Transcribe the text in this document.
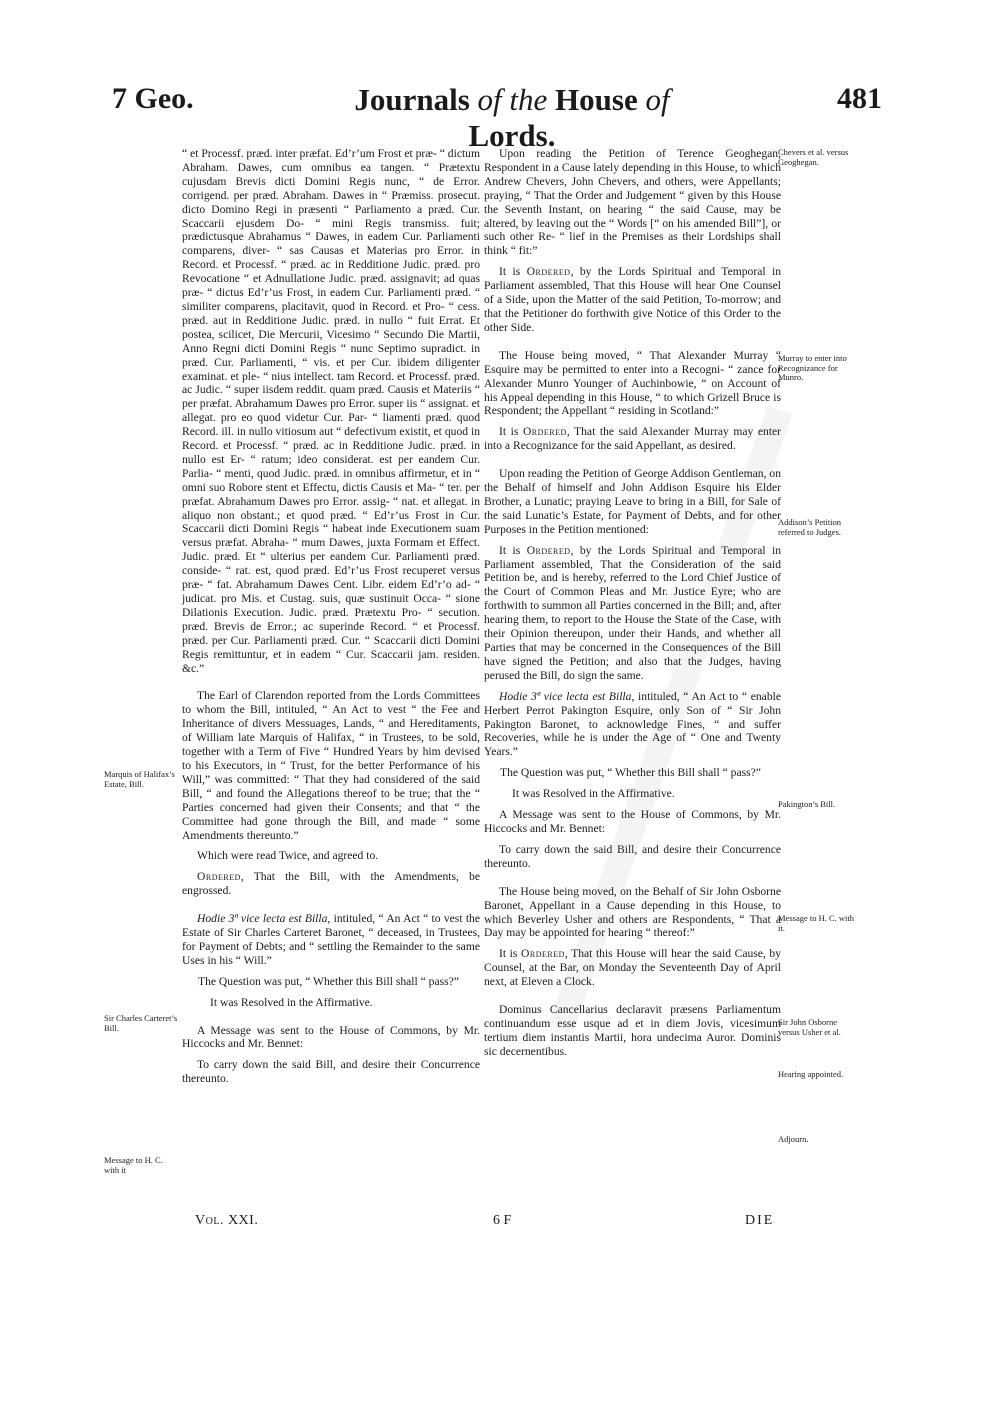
7 Geo.	Journals of the House of Lords.
481

“ et Processf. præd. inter præfat. Ed’r’um Frost et præ- “ dictum Abraham. Dawes, cum omnibus ea tangen. “ Prætextu cujusdam Brevis dicti Domini Regis nunc, “ de Error. corrigend. per præd. Abraham. Dawes in “ Præmiss. prosecut. dicto Domino Regi in præsenti “ Parliamento a præd. Cur. Scaccarii ejusdem Do- “ mini Regis transmiss. fuit; prædictusque Abrahamus “ Dawes, in eadem Cur. Parliamenti comparens, diver- “ sas Causas et Materias pro Error. in Record. et Processf. “ præd. ac in Redditione Judic. præd. pro Revocatione “ et Adnullatione Judic. præd. assignavit; ad quas præ- “ dictus Ed’r’us Frost, in eadem Cur. Parliamenti præd. “ similiter comparens, placitavit, quod in Record. et Pro- “ cess. præd. aut in Redditione Judic. præd. in nullo “ fuit Errat. Et postea, scilicet, Die Mercurii, Vicesimo “ Secundo Die Martii, Anno Regni dicti Domini Regis “ nunc Septimo supradict. in præd. Cur. Parliamenti, “ vis. et per Cur. ibidem diligenter examinat. et ple- “ nius intellect. tam Record. et Processf. præd. ac Judic. “ super iisdem reddit. quam præd. Causis et Materiis “ per præfat. Abrahamum Dawes pro Error. super iis “ assignat. et allegat. pro eo quod videtur Cur. Par- “ liamenti præd. quod Record. ill. in nullo vitiosum aut “ defectivum existit, et quod in Record. et Processf. “ præd. ac in Redditione Judic. præd. in nullo est Er- “ ratum; ideo considerat. est per eandem Cur. Parlia- “ menti, quod Judic. præd. in omnibus affirmetur, et in “ omni suo Robore stent et Effectu, dictis Causis et Ma- “ ter. per præfat. Abrahamum Dawes pro Error. assig- “ nat. et allegat. in aliquo non obstant.; et quod præd. “ Ed’r’us Frost in Cur. Scaccarii dicti Domini Regis “ habeat inde Executionem suam versus præfat. Abraha- “ mum Dawes, juxta Formam et Effect. Judic. præd. Et “ ulterius per eandem Cur. Parliamenti præd. conside- “ rat. est, quod præd. Ed’r’us Frost recuperet versus præ- “ fat. Abrahamum Dawes Cent. Libr. eidem Ed’r’o ad- “ judicat. pro Mis. et Custag. suis, quæ sustinuit Occa- “ sione Dilationis Execution. Judic. præd. Prætextu Pro- “ secution. præd. Brevis de Error.; ac superinde Record. “ et Processf. præd. per Cur. Parliamenti præd. Cur. “ Scaccarii dicti Domini Regis remittuntur, et in eadem “ Cur. Scaccarii jam. residen. &c.”

The Earl of Clarendon reported from the Lords Committees to whom the Bill, intituled, “ An Act to vest “ the Fee and Inheritance of divers Messuages, Lands, “ and Hereditaments, of William late Marquis of Halifax, “ in Trustees, to be sold, together with a Term of Five “ Hundred Years by him devised to his Executors, in “ Trust, for the better Performance of his Will,” was committed: “ That they had considered of the said Bill, “ and found the Allegations thereof to be true; that the “ Parties concerned had given their Consents; and that “ the Committee had gone through the Bill, and made “ some Amendments thereunto.”

Which were read Twice, and agreed to.

Ordered, That the Bill, with the Amendments, be engrossed.

Hodie 3ª vice lecta est Billa, intituled, “ An Act “ to vest the Estate of Sir Charles Carteret Baronet, “ deceased, in Trustees, for Payment of Debts; and “ settling the Remainder to the same Uses in his “ Will.”

The Question was put, “ Whether this Bill shall “ pass?”

It was Resolved in the Affirmative.

A Message was sent to the House of Commons, by Mr. Hiccocks and Mr. Bennet:

To carry down the said Bill, and desire their Concurrence thereunto.

Upon reading the Petition of Terence Geoghegan, Respondent in a Cause lately depending in this House, to which Andrew Chevers, John Chevers, and others, were Appellants; praying, “ That the Order and Judgement “ given by this House the Seventh Instant, on hearing “ the said Cause, may be altered, by leaving out the “ Words [“ on his amended Bill”], or such other Re- “ lief in the Premises as their Lordships shall think “ fit:”

It is Ordered, by the Lords Spiritual and Temporal in Parliament assembled, That this House will hear One Counsel of a Side, upon the Matter of the said Petition, To-morrow; and that the Petitioner do forthwith give Notice of this Order to the other Side.

The House being moved, “ That Alexander Murray “ Esquire may be permitted to enter into a Recogni- “ zance for Alexander Munro Younger of Auchinbowie, “ on Account of his Appeal depending in this House, “ to which Grizell Bruce is Respondent; the Appellant “ residing in Scotland:”

It is Ordered, That the said Alexander Murray may enter into a Recognizance for the said Appellant, as desired.

Upon reading the Petition of George Addison Gentleman, on the Behalf of himself and John Addison Esquire his Elder Brother, a Lunatic; praying Leave to bring in a Bill, for Sale of the said Lunatic’s Estate, for Payment of Debts, and for other Purposes in the Petition mentioned:

It is Ordered, by the Lords Spiritual and Temporal in Parliament assembled, That the Consideration of the said Petition be, and is hereby, referred to the Lord Chief Justice of the Court of Common Pleas and Mr. Justice Eyre; who are forthwith to summon all Parties concerned in the Bill; and, after hearing them, to report to the House the State of the Case, with their Opinion thereupon, under their Hands, and whether all Parties that may be concerned in the Consequences of the Bill have signed the Petition; and also that the Judges, having perused the Bill, do sign the same.

Hodie 3ª vice lecta est Billa, intituled, “ An Act to “ enable Herbert Perrot Pakington Esquire, only Son of “ Sir John Pakington Baronet, to acknowledge Fines, “ and suffer Recoveries, while he is under the Age of “ One and Twenty Years.”

The Question was put, “ Whether this Bill shall “ pass?”

It was Resolved in the Affirmative.

A Message was sent to the House of Commons, by Mr. Hiccocks and Mr. Bennet:

To carry down the said Bill, and desire their Concurrence thereunto.

The House being moved, on the Behalf of Sir John Osborne Baronet, Appellant in a Cause depending in this House, to which Beverley Usher and others are Respondents, “ That a Day may be appointed for hearing “ thereof:”

It is Ordered, That this House will hear the said Cause, by Counsel, at the Bar, on Monday the Seventeenth Day of April next, at Eleven a Clock.

Dominus Cancellarius declaravit præsens Parliamentum continuandum esse usque ad et in diem Jovis, vicesimum tertium diem instantis Martii, hora undecima Auror. Dominis sic decernentibus.

Marquis of Halifax’s Estate, Bill.
Sir Charles Carteret’s Bill.
Message to H. C. with it
Chevers et al. versus Geoghegan.
Murray to enter into Recognizance for Munro.
Addison’s Petition referred to Judges.
Pakington’s Bill.
Message to H. C. with it.
Sir John Osborne versus Usher et al.
Hearing appointed.
Adjourn.
Vol. XXI.	6 F	DIE
